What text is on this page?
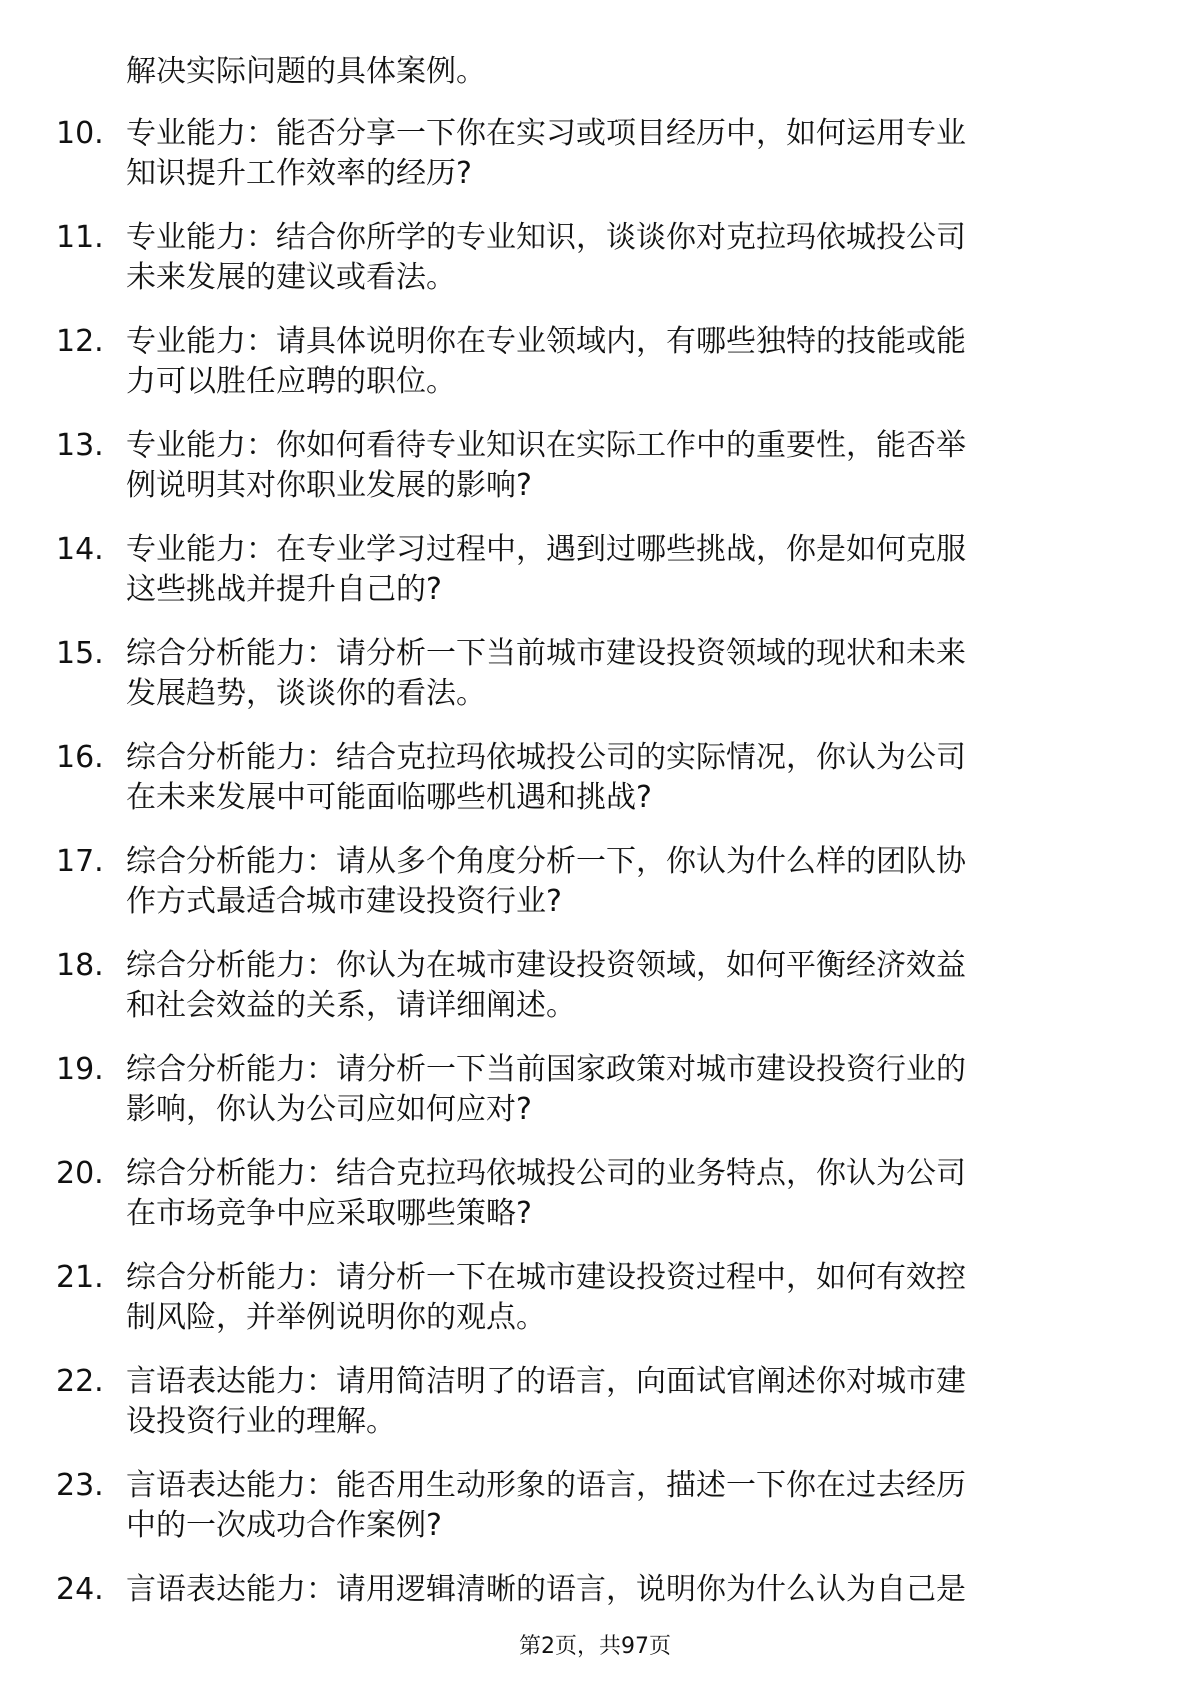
解决实际问题的具体案例。
10. 专业能力：能否分享一下你在实习或项目经历中，如何运用专业
知识提升工作效率的经历?
11. 专业能力：结合你所学的专业知识，谈谈你对克拉玛依城投公司
未来发展的建议或看法。
12. 专业能力：请具体说明你在专业领域内，有哪些独特的技能或能
力可以胜任应聘的职位。
13. 专业能力：你如何看待专业知识在实际工作中的重要性，能否举
例说明其对你职业发展的影响?
14. 专业能力：在专业学习过程中，遇到过哪些挑战，你是如何克服
这些挑战并提升自己的?
15. 综合分析能力：请分析一下当前城市建设投资领域的现状和未来
发展趋势，谈谈你的看法。
16. 综合分析能力：结合克拉玛依城投公司的实际情况，你认为公司
在未来发展中可能面临哪些机遇和挑战?
17. 综合分析能力：请从多个角度分析一下，你认为什么样的团队协
作方式最适合城市建设投资行业?
18. 综合分析能力：你认为在城市建设投资领域，如何平衡经济效益
和社会效益的关系，请详细阐述。
19. 综合分析能力：请分析一下当前国家政策对城市建设投资行业的
影响，你认为公司应如何应对?
20. 综合分析能力：结合克拉玛依城投公司的业务特点，你认为公司
在市场竞争中应采取哪些策略?
21. 综合分析能力：请分析一下在城市建设投资过程中，如何有效控
制风险，并举例说明你的观点。
22. 言语表达能力：请用简洁明了的语言，向面试官阐述你对城市建
设投资行业的理解。
23. 言语表达能力：能否用生动形象的语言，描述一下你在过去经历
中的一次成功合作案例?
24. 言语表达能力：请用逻辑清晰的语言，说明你为什么认为自己是
第2页，共97页
